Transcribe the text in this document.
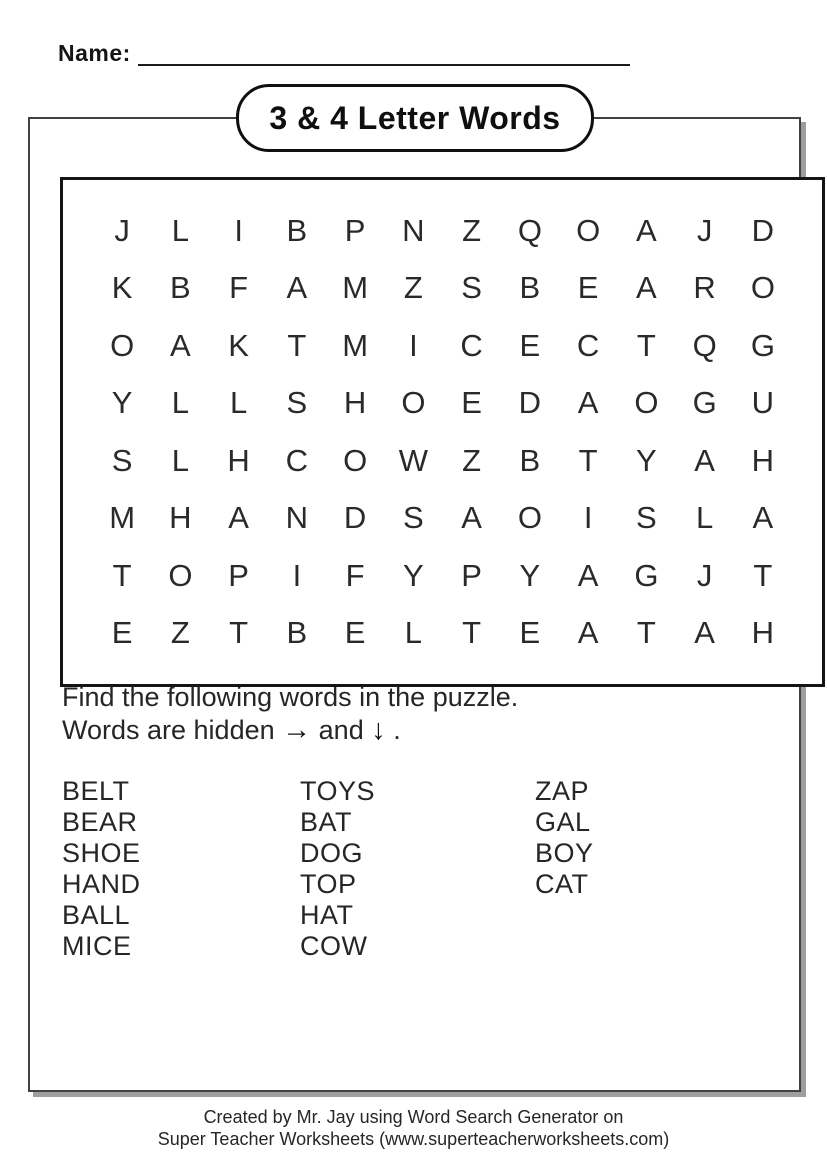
Name:
3 & 4 Letter Words
J	L	I	B	P	N	Z	Q	O	A	J	D
K	B	F	A	M	Z	S	B	E	A	R	O
O	A	K	T	M	I	C	E	C	T	Q	G
Y	L	L	S	H	O	E	D	A	O	G	U
S	L	H	C	O	W	Z	B	T	Y	A	H
M	H	A	N	D	S	A	O	I	S	L	A
T	O	P	I	F	Y	P	Y	A	G	J	T
E	Z	T	B	E	L	T	E	A	T	A	H
Find the following words in the puzzle.
Words are hidden → and ↓ .
BELT
BEAR
SHOE
HAND
BALL
MICE
TOYS
BAT
DOG
TOP
HAT
COW
ZAP
GAL
BOY
CAT
Created by Mr. Jay using Word Search Generator on
Super Teacher Worksheets (www.superteacherworksheets.com)
